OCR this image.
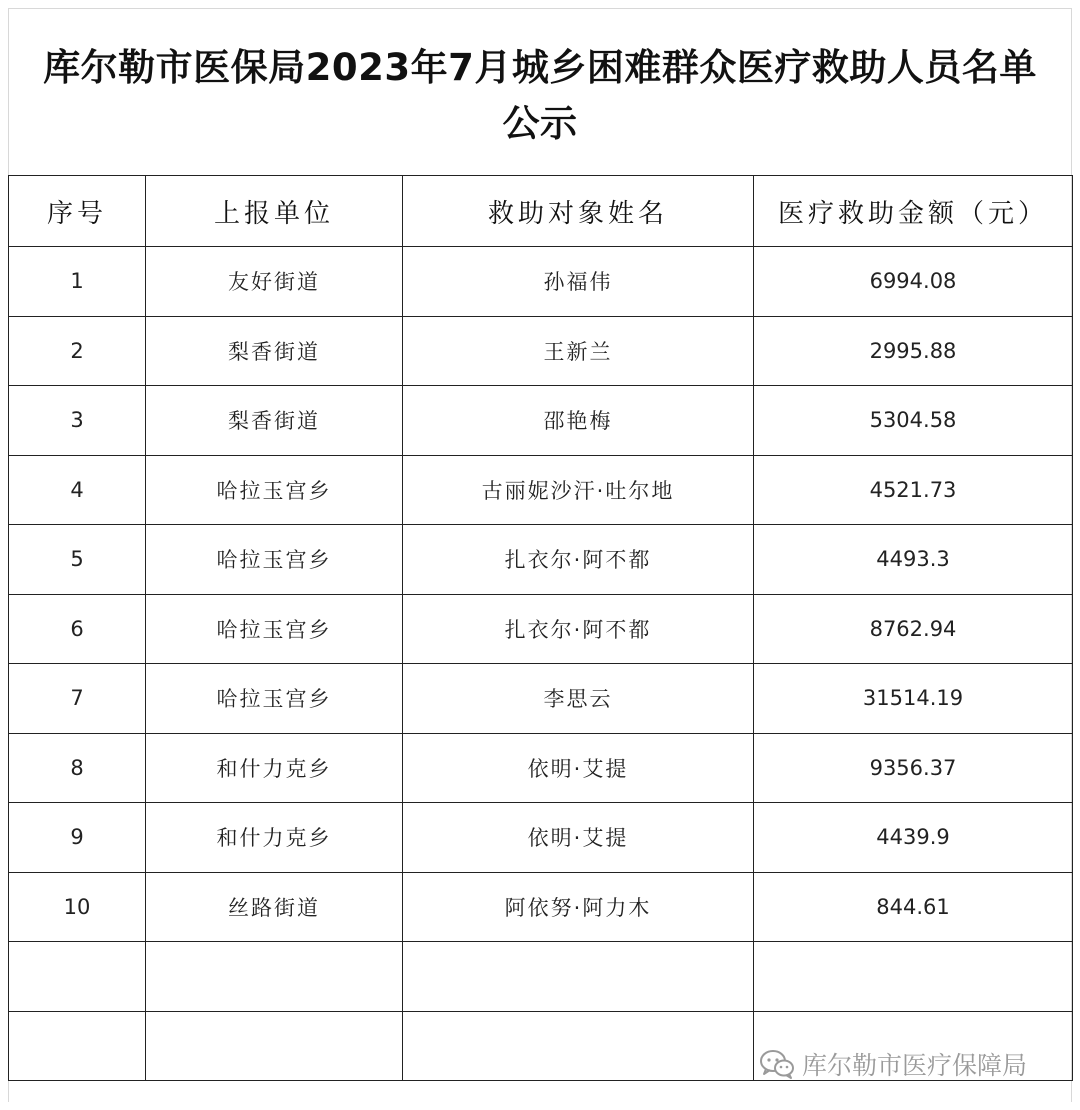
库尔勒市医保局2023年7月城乡困难群众医疗救助人员名单
公示
序号	上报单位	救助对象姓名	医疗救助金额（元）
1	友好街道	孙福伟	6994.08
2	梨香街道	王新兰	2995.88
3	梨香街道	邵艳梅	5304.58
4	哈拉玉宫乡	古丽妮沙汗·吐尔地	4521.73
5	哈拉玉宫乡	扎衣尔·阿不都	4493.3
6	哈拉玉宫乡	扎衣尔·阿不都	8762.94
7	哈拉玉宫乡	李思云	31514.19
8	和什力克乡	依明·艾提	9356.37
9	和什力克乡	依明·艾提	4439.9
10	丝路街道	阿依努·阿力木	844.61

库尔勒市医疗保障局
